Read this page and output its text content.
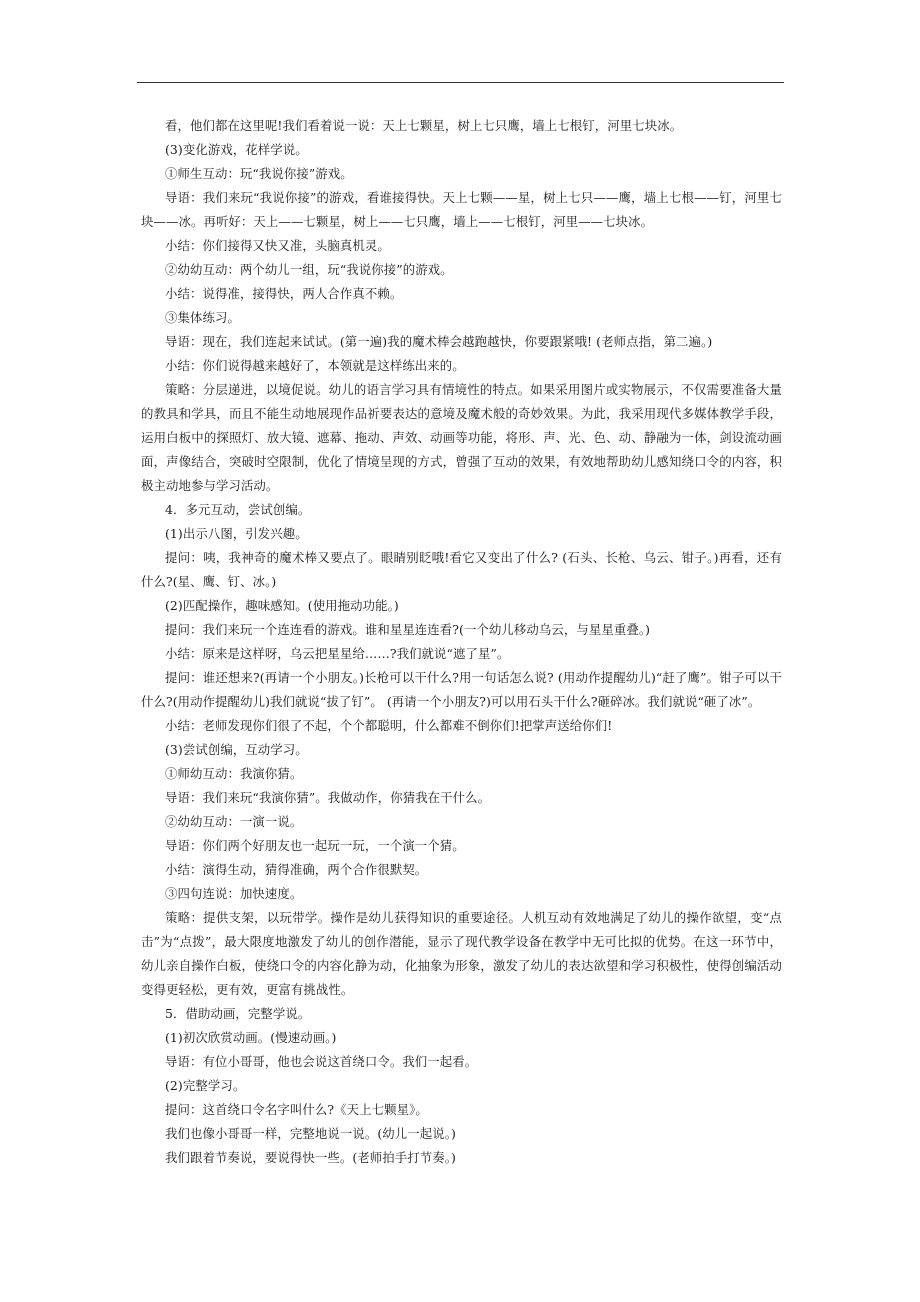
看，他们都在这里呢!我们看着说一说：天上七颗星，树上七只鹰，墙上七根钉，河里七块冰。

(3)变化游戏，花样学说。

①师生互动：玩“我说你接”游戏。

导语：我们来玩“我说你接”的游戏，看谁接得快。天上七颗——星，树上七只——鹰，墙上七根——钉，河里七块——冰。再听好：天上——七颗星，树上——七只鹰，墙上——七根钉，河里——七块冰。

小结：你们接得又快又准，头脑真机灵。

②幼幼互动：两个幼儿一组，玩“我说你接”的游戏。

小结：说得准，接得快，两人合作真不赖。

③集体练习。

导语：现在，我们连起来试试。(第一遍)我的魔术棒会越跑越快，你要跟紧哦! (老师点指，第二遍。)

小结：你们说得越来越好了，本领就是这样练出来的。

策略：分层递进，以境促说。幼儿的语言学习具有情境性的特点。如果采用图片或实物展示，不仅需要准备大量的教具和学具，而且不能生动地展现作品祈要表达的意境及魔术般的奇妙效果。为此，我采用现代多媒体教学手段，运用白板中的探照灯、放大镜、遮幕、拖动、声效、动画等功能，将形、声、光、色、动、静融为一体，剑设流动画面，声像结合，突破时空限制，优化了情境呈现的方式，曾强了互动的效果，有效地帮助幼儿感知绕口令的内容，积极主动地参与学习活动。

4．多元互动，尝试创编。

(1)出示八图，引发兴趣。

提问：咦，我神奇的魔术棒又要点了。眼睛别眨哦!看它又变出了什么? (石头、长枪、乌云、钳子。)再看，还有什么?(星、鹰、钉、冰。)

(2)匹配操作，趣味感知。(使用拖动功能。)

提问：我们来玩一个连连看的游戏。谁和星星连连看?(一个幼儿移动乌云，与星星重叠。)

小结：原来是这样呀，乌云把星星给……?我们就说“遮了星”。

提问：谁还想来?(再请一个小朋友。)长枪可以干什么?用一句话怎么说? (用动作提醒幼儿)“赶了鹰”。钳子可以干什么?(用动作提醒幼儿)我们就说“拔了钉”。 (再请一个小朋友?)可以用石头干什么?砸碎冰。我们就说“砸了冰”。

小结：老师发现你们很了不起，个个都聪明，什么都难不倒你们!把掌声送给你们!

(3)尝试创编，互动学习。

①师幼互动：我演你猜。

导语：我们来玩“我演你猜”。我做动作，你猜我在干什么。

②幼幼互动：一演一说。

导语：你们两个好朋友也一起玩一玩，一个演一个猜。

小结：演得生动，猜得准确，两个合作很默契。

③四句连说：加快速度。

策略：提供支架，以玩带学。操作是幼儿获得知识的重要途径。人机互动有效地满足了幼儿的操作欲望，变“点击”为“点拨”，最大限度地激发了幼儿的创作潜能，显示了现代教学设备在教学中无可比拟的优势。在这一环节中，幼儿亲自操作白板，使绕口令的内容化静为动，化抽象为形象，激发了幼儿的表达欲望和学习积极性，使得创编活动变得更轻松，更有效，更富有挑战性。

5．借助动画，完整学说。

(1)初次欣赏动画。(慢速动画。)

导语：有位小哥哥，他也会说这首绕口令。我们一起看。

(2)完整学习。

提问：这首绕口令名字叫什么?《天上七颗星》。

我们也像小哥哥一样，完整地说一说。(幼儿一起说。)

我们跟着节奏说，要说得快一些。(老师拍手打节奏。)
